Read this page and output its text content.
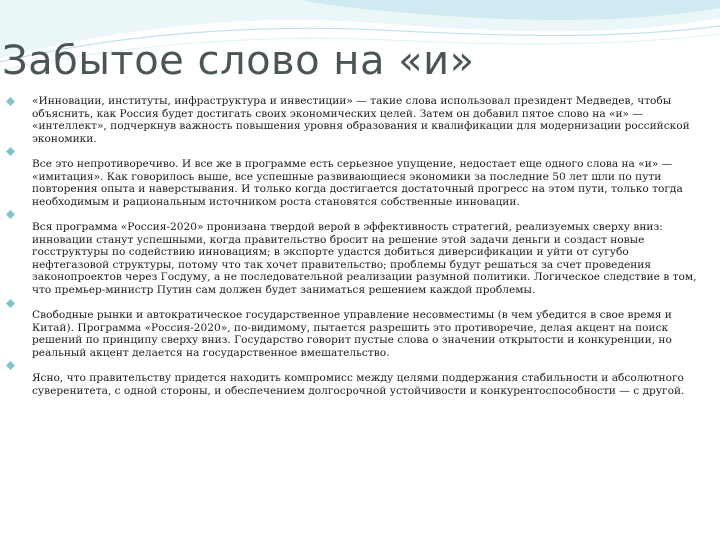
Забытое слово на «и»
«Инновации, институты, инфраструктура и инвестиции» — такие слова использовал президент Медведев, чтобы объяснить, как Россия будет достигать своих экономических целей. Затем он добавил пятое слово на «и» — «интеллект», подчеркнув важность повышения уровня образования и квалификации для модернизации российской экономики.
Все это непротиворечиво. И все же в программе есть серьезное упущение, недостает еще одного слова на «и» — «имитация». Как говорилось выше, все успешные развивающиеся экономики за последние 50 лет шли по пути повторения опыта и наверстывания. И только когда достигается достаточный прогресс на этом пути, только тогда необходимым и рациональным источником роста становятся собственные инновации.
Вся программа «Россия-2020» пронизана твердой верой в эффективность стратегий, реализуемых сверху вниз: инновации станут успешными, когда правительство бросит на решение этой задачи деньги и создаст новые госструктуры по содействию инновациям; в экспорте удастся добиться диверсификации и уйти от сугубо нефтегазовой структуры, потому что так хочет правительство; проблемы будут решаться за счет проведения законопроектов через Госдуму, а не последовательной реализации разумной политики. Логическое следствие в том, что премьер-министр Путин сам должен будет заниматься решением каждой проблемы.
Свободные рынки и автократическое государственное управление несовместимы (в чем убедится в свое время и Китай). Программа «Россия-2020», по-видимому, пытается разрешить это противоречие, делая акцент на поиск решений по принципу сверху вниз. Государство говорит пустые слова о значении открытости и конкуренции, но реальный акцент делается на государственное вмешательство.
Ясно, что правительству придется находить компромисс между целями поддержания стабильности и абсолютного суверенитета, с одной стороны, и обеспечением долгосрочной устойчивости и конкурентоспособности — с другой.
